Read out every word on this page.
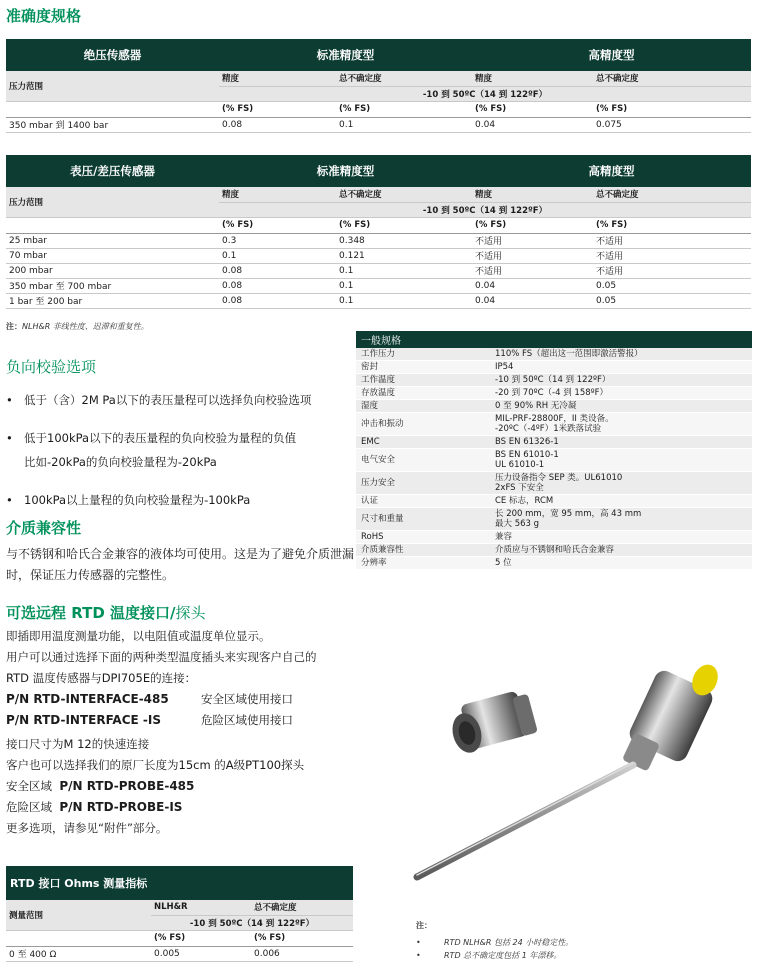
准确度规格
绝压传感器	标准精度型		高精度型	
压力范围	精度	总不确定度	精度	总不确定度
	-10 到 50ºC（14 到 122ºF）			
	(% FS)	(% FS)	(% FS)	(% FS)
350 mbar 到 1400 bar	0.08	0.1	0.04	0.075
表压/差压传感器	标准精度型		高精度型	
压力范围	精度	总不确定度	精度	总不确定度
	-10 到 50ºC（14 到 122ºF）			
	(% FS)	(% FS)	(% FS)	(% FS)
25 mbar	0.3	0.348	不适用	不适用
70 mbar	0.1	0.121	不适用	不适用
200 mbar	0.08	0.1	不适用	不适用
350 mbar 至 700 mbar	0.08	0.1	0.04	0.05
1 bar 至 200 bar	0.08	0.1	0.04	0.05
注：NLH&R 非线性度、迟滞和重复性。
一般规格	
工作压力	110% FS（超出这一范围即激活警报）
密封	IP54
工作温度	-10 到 50ºC（14 到 122ºF）
存放温度	-20 到 70ºC（-4 到 158ºF）
湿度	0 至 90% RH 无冷凝
冲击和振动	MIL-PRF-28800F，II 类设备。
-20ºC（-4ºF）1米跌落试验
EMC	BS EN 61326-1
电气安全	BS EN 61010-1
UL 61010-1
压力安全	压力设备指令 SEP 类。UL61010
2xFS 下安全
认证	CE 标志，RCM
尺寸和重量	长 200 mm，宽 95 mm，高 43 mm
最大 563 g
RoHS	兼容
介质兼容性	介质应与不锈钢和哈氏合金兼容
分辨率	5 位
负向校验选项
• 低于（含）2M Pa以下的表压量程可以选择负向校验选项
• 低于100kPa以下的表压量程的负向校验为量程的负值
比如-20kPa的负向校验量程为-20kPa
• 100kPa以上量程的负向校验量程为-100kPa
介质兼容性
与不锈钢和哈氏合金兼容的液体均可使用。这是为了避免介质泄漏时，保证压力传感器的完整性。
可选远程 RTD 温度接口/探头
即插即用温度测量功能，以电阻值或温度单位显示。
用户可以通过选择下面的两种类型温度插头来实现客户自己的
RTD 温度传感器与DPI705E的连接：
P/N RTD-INTERFACE-485	安全区域使用接口
P/N RTD-INTERFACE -IS	危险区域使用接口
接口尺寸为M 12的快速连接
客户也可以选择我们的原厂长度为15cm 的A级PT100探头
安全区域 P/N RTD-PROBE-485
危险区域 P/N RTD-PROBE-IS
更多选项，请参见“附件”部分。
RTD 接口 Ohms 测量指标		
测量范围	NLH&R	总不确定度
	-10 到 50ºC（14 到 122ºF）	
	(% FS)	(% FS)
0 至 400 Ω	0.005	0.006
注：
•	RTD NLH&R 包括 24 小时稳定性。
•	RTD 总不确定度包括 1 年漂移。
